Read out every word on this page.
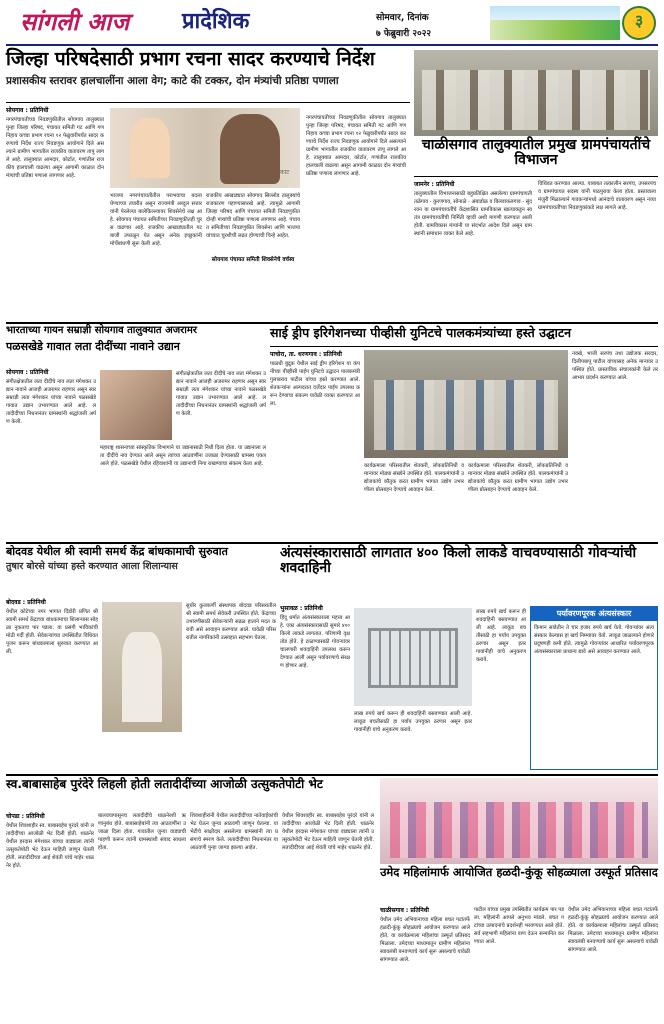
सांगली आज प्रादेशिक	सोमवार, दिनांक
७ फेब्रुवारी २०२२
३
जिल्हा परिषदेसाठी प्रभाग रचना सादर करण्याचे निर्देश
प्रशासकीय स्तरावर हालचालींना आला वेग; काटे की टक्कर, दोन मंत्र्यांची प्रतिष्ठा पणाला
सोयगाव : प्रतिनिधी
नगरपंचायतीच्या निवडणुकीतील सोयगाव तालुक्यात पुन्हा जिल्हा परिषद, पंचायत समिती गट आणि गणनिहाय कच्चा प्रभाग रचना १२ फेब्रुवारीपर्यंत सादर करण्याचे निर्देश राज्य निवडणूक आयोगाने दिले असल्याने ग्रामीण भागातील राजकीय वातावरण तापू लागले आहे. तालुक्यात आमदार, कोर्टात, गणांतील राजकीय हालचाली वाढल्या असून आगामी काळात दोन मंत्र्यांची प्रतिष्ठा पणाला लागणार आहे.	काट
भाजपा नगरपंचायतीतील पराभवाचा बदला घेण्याच्या तयारीत असून राज्यमंत्री अब्दुल सत्तार यांनी पेरलेल्या बालेकिल्ल्यावर शिवसेनेचे लक्ष आहे. सोयगाव पंचायत समितीच्या निवडणुकीतही चुरस वाढणार आहे. राजकीय आखाड्यातील गटबाजी उफाळून येत असून अनेक इच्छुकांनी मोर्चेबांधणी सुरू केली आहे.
राजकीय आखाड्यात सोयगाव सिल्लोड तालुक्यांचे राजकारण पहाण्यासारखे आहे. त्यामुळे आगामी जिल्हा परिषद आणि पंचायत समिती निवडणुकीत दोन्ही मंत्र्यांची प्रतिष्ठा पणाला लागणार आहे. पंचायत समितीच्या निवडणुकीत शिवसेना आणि भाजपा यांच्यात चुरशीची लढत होण्याची चिन्हे आहेत.
सोयगाव पंचायत समिती शिवसेनेचे वर्चस्व
नगरपंचायतीच्या निवडणुकीतील सोयगाव तालुक्यात पुन्हा जिल्हा परिषद, पंचायत समिती गट आणि गणनिहाय कच्चा प्रभाग रचना १२ फेब्रुवारीपर्यंत सादर करण्याचे निर्देश राज्य निवडणूक आयोगाने दिले असल्याने ग्रामीण भागातील राजकीय वातावरण तापू लागले आहे. तालुक्यात आमदार, कोर्टात, गणांतील राजकीय हालचाली वाढल्या असून आगामी काळात दोन मंत्र्यांची प्रतिष्ठा पणाला लागणार आहे.
चाळीसगाव तालुक्यातील प्रमुख ग्रामपंचायतींचे विभाजन
जामनेर : प्रतिनिधी
तालुक्यातील विभाजनासाठी बहुप्रतिक्षित असलेल्या ग्रामपंचायती तळेगाव - कुरणगाव, सोनाळे - अंबाडोळ व बिलवाकलगाव - सुंदरवन या ग्रामपंचायतींचे केंद्रशासित ग्रामविकास खात्याकडून स्वतंत्र ग्रामपंचायतींची निर्मिती व्हावी अशी मागणी करण्यात आली होती. ग्रामविकास मंत्र्यांनी या संदर्भात आदेश दिले असून ग्रामस्थांनी समाधान व्यक्त केले आहे.
विधिवत करण्यात आल्या. याबाबत तत्कालीन सरपंच, उपसरपंच व ग्रामपंचायत सदस्य यांनी पाठपुरावा केला होता. प्रस्तावाला मंजुरी मिळाल्याने गावकऱ्यांमध्ये आनंदाचे वातावरण असून नव्या ग्रामपंचायतींच्या निवडणुकांकडे लक्ष लागले आहे.
भारताच्या गायन सम्राज्ञी सोयगाव तालुक्यात अजरामर
पळसखेडे गावात लता दीदींच्या नावाने उद्यान
सोयगाव : प्रतिनिधी
संगीतक्षेत्रातील लता दीदींचे नाव लता मंगेशकर उद्यान नावाने आजही अजरामर राहणार असून स्वरसम्राज्ञी लता मंगेशकर यांच्या नावाने पळसखेडे गावात उद्यान उभारण्यात आले आहे. लतादीदींच्या निधनानंतर ग्रामस्थांनी श्रद्धांजली अर्पण केली.
महाराष्ट्र शासनाच्या सांस्कृतिक विभागाने या उद्यानासाठी निधी दिला होता. या उद्यानाला लता दीदींचे नाव देण्यात आले असून त्यांच्या आठवणींना उजाळा देण्यासाठी ग्रामस्थ एकत्र आले होते. पळसखेडे येथील रहिवाशांनी या उद्यानाची निगा राखण्याचा संकल्प केला आहे.
संगीतक्षेत्रातील लता दीदींचे नाव लता मंगेशकर उद्यान नावाने आजही अजरामर राहणार असून स्वरसम्राज्ञी लता मंगेशकर यांच्या नावाने पळसखेडे गावात उद्यान उभारण्यात आले आहे. लतादीदींच्या निधनानंतर ग्रामस्थांनी श्रद्धांजली अर्पण केली.
साई ड्रीप इरिगेशनच्या पीव्हीसी युनिटचे पालकमंत्र्यांच्या हस्ते उद्घाटन
पाचोरा, ता. धरणगाव : प्रतिनिधी
पाळधी बुद्रुक येथील साई ड्रीप इरिगेशन या कंपनीच्या पीव्हीसी पाईप युनिटचे उद्घाटन पालकमंत्री गुलाबराव पाटील यांच्या हस्ते करण्यात आले. शेतकऱ्यांना अल्पदरात दर्जेदार पाईप उपलब्ध करून देण्याचा संकल्प यावेळी व्यक्त करण्यात आला.
कार्यक्रमाला परिसरातील शेतकरी, लोकप्रतिनिधी व मान्यवर मोठ्या संख्येने उपस्थित होते. पालकमंत्र्यांनी उद्योजकांचे कौतुक करत ग्रामीण भागात उद्योग उभारणीला प्रोत्साहन देण्याचे आवाहन केले.
कार्यक्रमाला परिसरातील शेतकरी, लोकप्रतिनिधी व मान्यवर मोठ्या संख्येने उपस्थित होते. पालकमंत्र्यांनी उद्योजकांचे कौतुक करत ग्रामीण भागात उद्योग उभारणीला प्रोत्साहन देण्याचे आवाहन केले.
नवखे, भाजी सरपंच तथा उद्योजक सरदार, दिलीपबापू पाटील यांच्यासह अनेक मान्यवर उपस्थित होते. प्रास्ताविक संचालकांनी केले तर आभार प्रदर्शन करण्यात आले.
बोदवड येथील श्री स्वामी समर्थ केंद्र बांधकामाची सुरुवात
तुषार बोरसे यांच्या हस्ते करण्यात आला शिलान्यास
बोदवड : प्रतिनिधी
येथील कोटेच्या नगर भागात दिंडोरी प्रणित श्री स्वामी समर्थ केंद्राच्या बांधकामाचा शिलान्यास सोहळा नुकताच पार पडला. या प्रसंगी भाविकांची मोठी गर्दी होती. सेवेकऱ्यांच्या उपस्थितीत विधिवत पूजन करून बांधकामाला सुरुवात करण्यात आली.
सुधीर कुलकर्णी संस्थापक बोदवड परिसरातील श्री स्वामी समर्थ सेवेकरी उपस्थित होते. केंद्राच्या उभारणीसाठी सेवेकऱ्यांनी सढळ हाताने मदत करावी असे आवाहन करण्यात आले. यावेळी परिसरातील नागरिकांनी उत्साहात सहभाग घेतला.
अंत्यसंस्कारासाठी लागतात ४०० किलो लाकडे वाचवण्यासाठी गोवऱ्यांची शवदाहिनी
भुसावळ : प्रतिनिधी
हिंदू धर्मात अंत्यसंस्काराला महत्त्व आहे. एका अंत्यसंस्कारासाठी सुमारे ४०० किलो लाकडे लागतात. परिणामी वृक्षतोड होते. हे टाळण्यासाठी गोवऱ्यांवर चालणारी शवदाहिनी उपलब्ध करून देण्यात आली असून पर्यावरणाचे संरक्षण होणार आहे.
लाख रुपये खर्च करून ही शवदाहिनी बसवण्यात आली आहे. लाकूड बचतीसाठी हा पर्याय उपयुक्त ठरणार असून इतर गावांनीही याचे अनुकरण करावे.
लाख रुपये खर्च करून ही शवदाहिनी बसवण्यात आली आहे. लाकूड बचतीसाठी हा पर्याय उपयुक्त ठरणार असून इतर गावांनीही याचे अनुकरण करावे.
पर्यावरणपूरक अंत्यसंस्कार
किमान साडेतीन ते चार हजार रुपये खर्च येतो. गोवऱ्यांवर अंत्यसंस्कार केल्यास हा खर्च निम्म्यावर येतो. लाकूड जाळल्याने होणारे प्रदूषणही कमी होते. त्यामुळे गोवऱ्यांवर आधारित पर्यावरणपूरक अंत्यसंस्काराला प्राधान्य द्यावे असे आवाहन करण्यात आले.
स्व.बाबासाहेब पुरंदेरे लिहली होती लतादीदींच्या आजोळी उत्सुकतेपोटी भेट
चोपडा : प्रतिनिधी
येथील शिवशाहीर स्व. बाबासाहेब पुरंदरे यांनी लतादीदींच्या आजोळी भेट दिली होती. थाळनेर येथील हरदास मंगेशकर यांच्या वाड्याला त्यांनी उत्सुकतेपोटी भेट देऊन माहिती जाणून घेतली होती. लतादीदींच्या आई शेवंती यांचे माहेर थाळनेर होते.
बालवयापासूनच लतादीदींचे थाळनेरशी ऋणानुबंध होते. बाबासाहेबांनी त्या आठवणींना उजाळा दिला होता. गावातील जुन्या वाड्याची पाहणी करून त्यांनी ग्रामस्थांशी संवाद साधला होता.
शिवशाहीरांनी येथील लतादीदींच्या नातेवाईकांची भेट घेऊन जुन्या आठवणी जाणून घेतल्या. या भेटीचे साक्षीदार असलेल्या ग्रामस्थांनी त्या प्रसंगाचे स्मरण केले. लतादीदींच्या निधनानंतर या आठवणी पुन्हा जाग्या झाल्या आहेत.
येथील शिवशाहीर स्व. बाबासाहेब पुरंदरे यांनी लतादीदींच्या आजोळी भेट दिली होती. थाळनेर येथील हरदास मंगेशकर यांच्या वाड्याला त्यांनी उत्सुकतेपोटी भेट देऊन माहिती जाणून घेतली होती. लतादीदींच्या आई शेवंती यांचे माहेर थाळनेर होते.
उमेद महिलांमार्फ आयोजित हळदी-कुंकू सोहळ्याला उस्फूर्त प्रतिसाद
चाळीसगाव : प्रतिनिधी
येथील उमेद अभियानाच्या महिला बचत गटांतर्फे हळदी-कुंकू सोहळ्याचे आयोजन करण्यात आले होते. या कार्यक्रमाला महिलांचा उस्फूर्त प्रतिसाद मिळाला. उमेदच्या माध्यमातून ग्रामीण महिलांना स्वावलंबी बनवण्याचे कार्य सुरू असल्याचे यावेळी सांगण्यात आले.
पाटील यांच्या प्रमुख उपस्थितीत कार्यक्रम पार पडला. महिलांनी आपले अनुभव मांडले. बचत गटांच्या उत्पादनांचे प्रदर्शनही भरवण्यात आले होते. सर्व सहभागी महिलांना वाण देऊन सन्मानित करण्यात आले.
येथील उमेद अभियानाच्या महिला बचत गटांतर्फे हळदी-कुंकू सोहळ्याचे आयोजन करण्यात आले होते. या कार्यक्रमाला महिलांचा उस्फूर्त प्रतिसाद मिळाला. उमेदच्या माध्यमातून ग्रामीण महिलांना स्वावलंबी बनवण्याचे कार्य सुरू असल्याचे यावेळी सांगण्यात आले.
